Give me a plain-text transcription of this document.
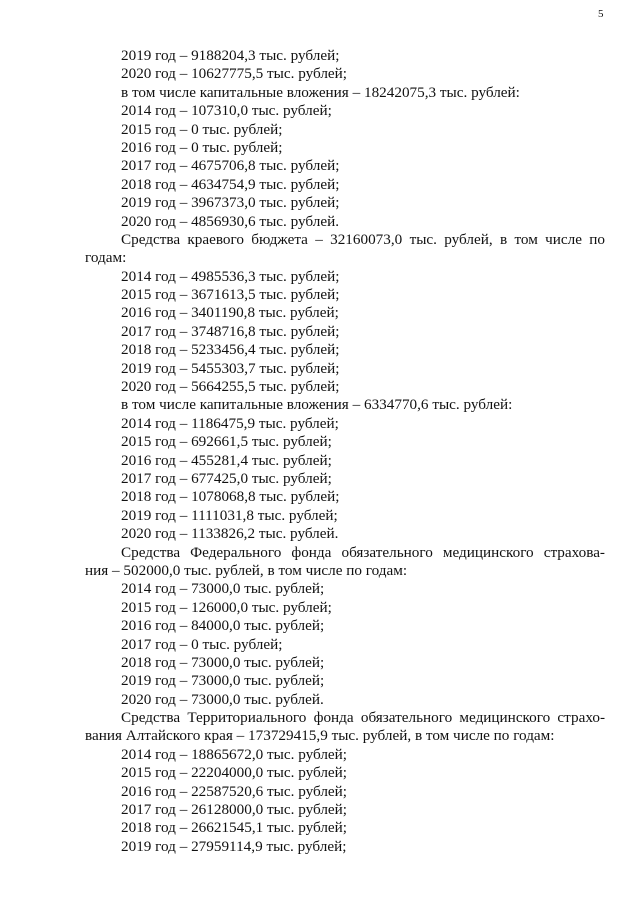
5
2019 год – 9188204,3 тыс. рублей;
2020 год – 10627775,5 тыс. рублей;
в том числе капитальные вложения – 18242075,3 тыс. рублей:
2014 год – 107310,0 тыс. рублей;
2015 год – 0 тыс. рублей;
2016 год – 0 тыс. рублей;
2017 год – 4675706,8 тыс. рублей;
2018 год – 4634754,9 тыс. рублей;
2019 год – 3967373,0 тыс. рублей;
2020 год – 4856930,6 тыс. рублей.
Средства краевого бюджета – 32160073,0 тыс. рублей, в том числе по
годам:
2014 год – 4985536,3 тыс. рублей;
2015 год – 3671613,5 тыс. рублей;
2016 год – 3401190,8 тыс. рублей;
2017 год – 3748716,8 тыс. рублей;
2018 год – 5233456,4 тыс. рублей;
2019 год – 5455303,7 тыс. рублей;
2020 год – 5664255,5 тыс. рублей;
в том числе капитальные вложения – 6334770,6 тыс. рублей:
2014 год – 1186475,9 тыс. рублей;
2015 год – 692661,5 тыс. рублей;
2016 год – 455281,4 тыс. рублей;
2017 год – 677425,0 тыс. рублей;
2018 год – 1078068,8 тыс. рублей;
2019 год – 1111031,8 тыс. рублей;
2020 год – 1133826,2 тыс. рублей.
Средства Федерального фонда обязательного медицинского страхова-
ния – 502000,0 тыс. рублей, в том числе по годам:
2014 год – 73000,0 тыс. рублей;
2015 год – 126000,0 тыс. рублей;
2016 год – 84000,0 тыс. рублей;
2017 год – 0 тыс. рублей;
2018 год – 73000,0 тыс. рублей;
2019 год – 73000,0 тыс. рублей;
2020 год – 73000,0 тыс. рублей.
Средства Территориального фонда обязательного медицинского страхо-
вания Алтайского края – 173729415,9 тыс. рублей, в том числе по годам:
2014 год – 18865672,0 тыс. рублей;
2015 год – 22204000,0 тыс. рублей;
2016 год – 22587520,6 тыс. рублей;
2017 год – 26128000,0 тыс. рублей;
2018 год – 26621545,1 тыс. рублей;
2019 год – 27959114,9 тыс. рублей;
